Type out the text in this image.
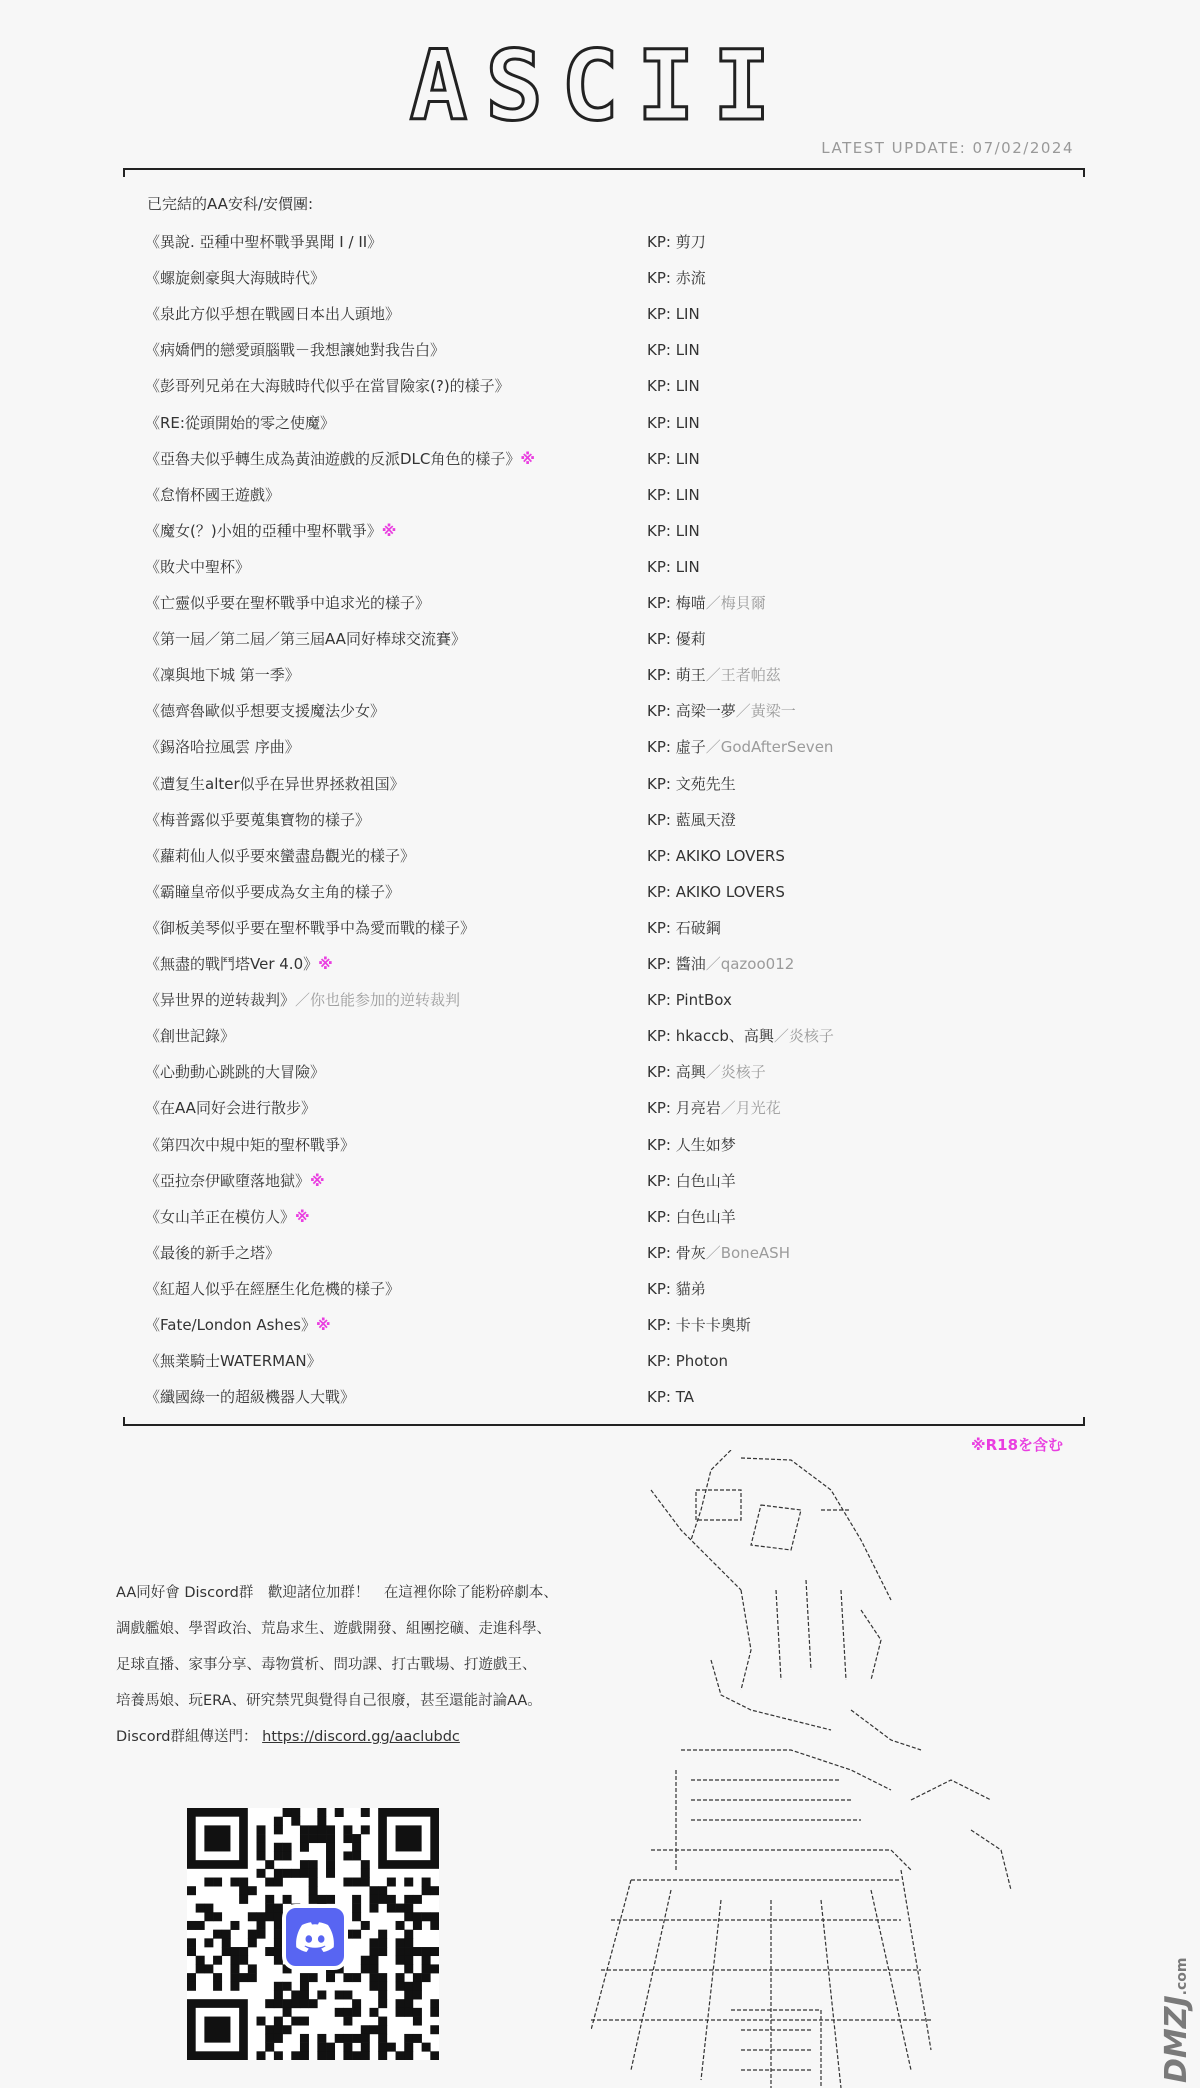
ASCII
LATEST UPDATE: 07/02/2024
已完結的AA安科/安價團:
《異說. 亞種中聖杯戰爭異聞 I / II》	KP: 剪刀
《螺旋劍豪與大海賊時代》	KP: 赤流
《泉此方似乎想在戰國日本出人頭地》	KP: LIN
《病嬌們的戀愛頭腦戰－我想讓她對我告白》	KP: LIN
《彭哥列兄弟在大海賊時代似乎在當冒險家(?)的樣子》	KP: LIN
《RE:從頭開始的零之使魔》	KP: LIN
《亞魯夫似乎轉生成為黃油遊戲的反派DLC角色的樣子》※	KP: LIN
《怠惰杯國王遊戲》	KP: LIN
《魔女(？)小姐的亞種中聖杯戰爭》※	KP: LIN
《敗犬中聖杯》	KP: LIN
《亡靈似乎要在聖杯戰爭中追求光的樣子》	KP: 梅喵／梅貝爾
《第一屆／第二屆／第三屆AA同好棒球交流賽》	KP: 優莉
《凜與地下城 第一季》	KP: 萌王／王者帕茲
《德齊魯歐似乎想要支援魔法少女》	KP: 高梁一夢／黃梁一
《錫洛哈拉風雲 序曲》	KP: 虛子／GodAfterSeven
《遭复生alter似乎在异世界拯救祖国》	KP: 文苑先生
《梅普露似乎要蒐集寶物的樣子》	KP: 藍風天澄
《蘿莉仙人似乎要來蠻盡島觀光的樣子》	KP: AKIKO LOVERS
《霸瞳皇帝似乎要成為女主角的樣子》	KP: AKIKO LOVERS
《御板美琴似乎要在聖杯戰爭中為愛而戰的樣子》	KP: 石破鋼
《無盡的戰鬥塔Ver 4.0》※	KP: 醬油／qazoo012
《异世界的逆转裁判》／你也能参加的逆转裁判	KP: PintBox
《創世記錄》	KP: hkaccb、高興／炎核子
《心動動心跳跳的大冒險》	KP: 高興／炎核子
《在AA同好会进行散步》	KP: 月亮岩／月光花
《第四次中規中矩的聖杯戰爭》	KP: 人生如梦
《亞拉奈伊歐墮落地獄》※	KP: 白色山羊
《女山羊正在模仿人》※	KP: 白色山羊
《最後的新手之塔》	KP: 骨灰／BoneASH
《紅超人似乎在經歷生化危機的樣子》	KP: 貓弟
《Fate/London Ashes》※	KP: 卡卡卡奧斯
《無業騎士WATERMAN》	KP: Photon
《纖國綠一的超級機器人大戰》	KP: TA
※R18を含む
AA同好會 Discord群　歡迎諸位加群！　在這裡你除了能粉碎劇本、
調戲艦娘、學習政治、荒島求生、遊戲開發、組團挖礦、走進科學、
足球直播、家事分享、毒物賞析、問功課、打古戰場、打遊戲王、
培養馬娘、玩ERA、研究禁咒與覺得自己很廢，甚至還能討論AA。
Discord群組傳送門： https://discord.gg/aaclubdc
DMZJ.com
